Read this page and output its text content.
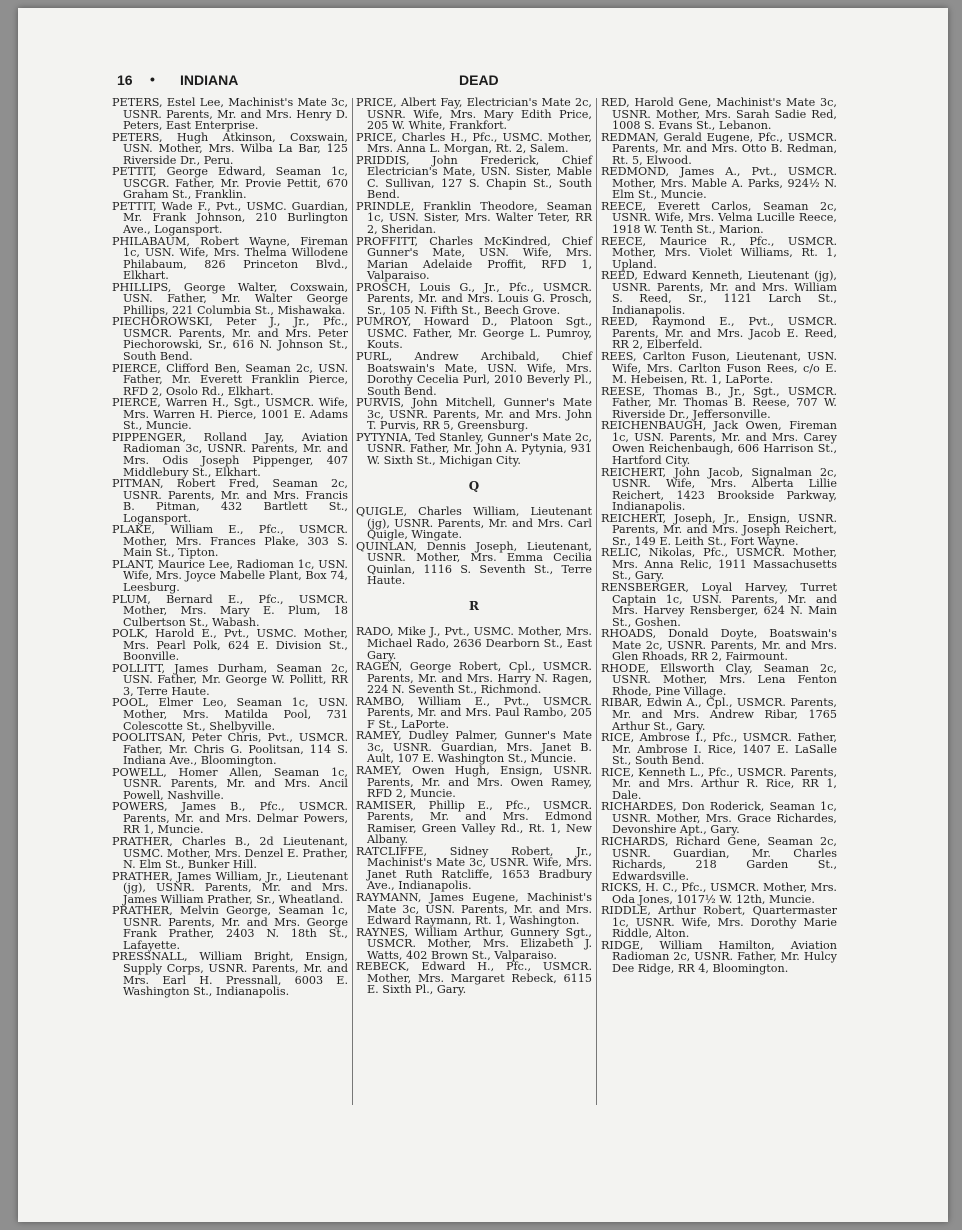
16 • INDIANA	DEAD

PETERS, Estel Lee, Machinist's Mate 3c, USNR. Parents, Mr. and Mrs. Henry D. Peters, East Enterprise.

PETERS, Hugh Atkinson, Coxswain, USN. Mother, Mrs. Wilba La Bar, 125 Riverside Dr., Peru.

PETTIT, George Edward, Seaman 1c, USCGR. Father, Mr. Provie Pettit, 670 Graham St., Franklin.

PETTIT, Wade F., Pvt., USMC. Guardian, Mr. Frank Johnson, 210 Burlington Ave., Logansport.

PHILABAUM, Robert Wayne, Fireman 1c, USN. Wife, Mrs. Thelma Willodene Philabaum, 826 Princeton Blvd., Elkhart.

PHILLIPS, George Walter, Coxswain, USN. Father, Mr. Walter George Phillips, 221 Columbia St., Mishawaka.

PIECHOROWSKI, Peter J., Jr., Pfc., USMCR. Parents, Mr. and Mrs. Peter Piechorowski, Sr., 616 N. Johnson St., South Bend.

PIERCE, Clifford Ben, Seaman 2c, USN. Father, Mr. Everett Franklin Pierce, RFD 2, Osolo Rd., Elkhart.

PIERCE, Warren H., Sgt., USMCR. Wife, Mrs. Warren H. Pierce, 1001 E. Adams St., Muncie.

PIPPENGER, Rolland Jay, Aviation Radioman 3c, USNR. Parents, Mr. and Mrs. Odis Joseph Pippenger, 407 Middlebury St., Elkhart.

PITMAN, Robert Fred, Seaman 2c, USNR. Parents, Mr. and Mrs. Francis B. Pitman, 432 Bartlett St., Logansport.

PLAKE, William E., Pfc., USMCR. Mother, Mrs. Frances Plake, 303 S. Main St., Tipton.

PLANT, Maurice Lee, Radioman 1c, USN. Wife, Mrs. Joyce Mabelle Plant, Box 74, Leesburg.

PLUM, Bernard E., Pfc., USMCR. Mother, Mrs. Mary E. Plum, 18 Culbertson St., Wabash.

POLK, Harold E., Pvt., USMC. Mother, Mrs. Pearl Polk, 624 E. Division St., Boonville.

POLLITT, James Durham, Seaman 2c, USN. Father, Mr. George W. Pollitt, RR 3, Terre Haute.

POOL, Elmer Leo, Seaman 1c, USN. Mother, Mrs. Matilda Pool, 731 Colescotte St., Shelbyville.

POOLITSAN, Peter Chris, Pvt., USMCR. Father, Mr. Chris G. Poolitsan, 114 S. Indiana Ave., Bloomington.

POWELL, Homer Allen, Seaman 1c, USNR. Parents, Mr. and Mrs. Ancil Powell, Nashville.

POWERS, James B., Pfc., USMCR. Parents, Mr. and Mrs. Delmar Powers, RR 1, Muncie.

PRATHER, Charles B., 2d Lieutenant, USMC. Mother, Mrs. Denzel E. Prather, N. Elm St., Bunker Hill.

PRATHER, James William, Jr., Lieutenant (jg), USNR. Parents, Mr. and Mrs. James William Prather, Sr., Wheatland.

PRATHER, Melvin George, Seaman 1c, USNR. Parents, Mr. and Mrs. George Frank Prather, 2403 N. 18th St., Lafayette.

PRESSNALL, William Bright, Ensign, Supply Corps, USNR. Parents, Mr. and Mrs. Earl H. Pressnall, 6003 E. Washington St., Indianapolis.

PRICE, Albert Fay, Electrician's Mate 2c, USNR. Wife, Mrs. Mary Edith Price, 205 W. White, Frankfort.

PRICE, Charles H., Pfc., USMC. Mother, Mrs. Anna L. Morgan, Rt. 2, Salem.

PRIDDIS, John Frederick, Chief Electrician's Mate, USN. Sister, Mable C. Sullivan, 127 S. Chapin St., South Bend.

PRINDLE, Franklin Theodore, Seaman 1c, USN. Sister, Mrs. Walter Teter, RR 2, Sheridan.

PROFFITT, Charles McKindred, Chief Gunner's Mate, USN. Wife, Mrs. Marian Adelaide Proffit, RFD 1, Valparaiso.

PROSCH, Louis G., Jr., Pfc., USMCR. Parents, Mr. and Mrs. Louis G. Prosch, Sr., 105 N. Fifth St., Beech Grove.

PUMROY, Howard D., Platoon Sgt., USMC. Father, Mr. George L. Pumroy, Kouts.

PURL, Andrew Archibald, Chief Boatswain's Mate, USN. Wife, Mrs. Dorothy Cecelia Purl, 2010 Beverly Pl., South Bend.

PURVIS, John Mitchell, Gunner's Mate 3c, USNR. Parents, Mr. and Mrs. John T. Purvis, RR 5, Greensburg.

PYTYNIA, Ted Stanley, Gunner's Mate 2c, USNR. Father, Mr. John A. Pytynia, 931 W. Sixth St., Michigan City.

Q

QUIGLE, Charles William, Lieutenant (jg), USNR. Parents, Mr. and Mrs. Carl Quigle, Wingate.

QUINLAN, Dennis Joseph, Lieutenant, USNR. Mother, Mrs. Emma Cecilia Quinlan, 1116 S. Seventh St., Terre Haute.

R

RADO, Mike J., Pvt., USMC. Mother, Mrs. Michael Rado, 2636 Dearborn St., East Gary.

RAGEN, George Robert, Cpl., USMCR. Parents, Mr. and Mrs. Harry N. Ragen, 224 N. Seventh St., Richmond.

RAMBO, William E., Pvt., USMCR. Parents, Mr. and Mrs. Paul Rambo, 205 F St., LaPorte.

RAMEY, Dudley Palmer, Gunner's Mate 3c, USNR. Guardian, Mrs. Janet B. Ault, 107 E. Washington St., Muncie.

RAMEY, Owen Hugh, Ensign, USNR. Parents, Mr. and Mrs. Owen Ramey, RFD 2, Muncie.

RAMISER, Phillip E., Pfc., USMCR. Parents, Mr. and Mrs. Edmond Ramiser, Green Valley Rd., Rt. 1, New Albany.

RATCLIFFE, Sidney Robert, Jr., Machinist's Mate 3c, USNR. Wife, Mrs. Janet Ruth Ratcliffe, 1653 Bradbury Ave., Indianapolis.

RAYMANN, James Eugene, Machinist's Mate 3c, USN. Parents, Mr. and Mrs. Edward Raymann, Rt. 1, Washington.

RAYNES, William Arthur, Gunnery Sgt., USMCR. Mother, Mrs. Elizabeth J. Watts, 402 Brown St., Valparaiso.

REBECK, Edward H., Pfc., USMCR. Mother, Mrs. Margaret Rebeck, 6115 E. Sixth Pl., Gary.

RED, Harold Gene, Machinist's Mate 3c, USNR. Mother, Mrs. Sarah Sadie Red, 1008 S. Evans St., Lebanon.

REDMAN, Gerald Eugene, Pfc., USMCR. Parents, Mr. and Mrs. Otto B. Redman, Rt. 5, Elwood.

REDMOND, James A., Pvt., USMCR. Mother, Mrs. Mable A. Parks, 924½ N. Elm St., Muncie.

REECE, Everett Carlos, Seaman 2c, USNR. Wife, Mrs. Velma Lucille Reece, 1918 W. Tenth St., Marion.

REECE, Maurice R., Pfc., USMCR. Mother, Mrs. Violet Williams, Rt. 1, Upland.

REED, Edward Kenneth, Lieutenant (jg), USNR. Parents, Mr. and Mrs. William S. Reed, Sr., 1121 Larch St., Indianapolis.

REED, Raymond E., Pvt., USMCR. Parents, Mr. and Mrs. Jacob E. Reed, RR 2, Elberfeld.

REES, Carlton Fuson, Lieutenant, USN. Wife, Mrs. Carlton Fuson Rees, c/o E. M. Hebeisen, Rt. 1, LaPorte.

REESE, Thomas B., Jr., Sgt., USMCR. Father, Mr. Thomas B. Reese, 707 W. Riverside Dr., Jeffersonville.

REICHENBAUGH, Jack Owen, Fireman 1c, USN. Parents, Mr. and Mrs. Carey Owen Reichenbaugh, 606 Harrison St., Hartford City.

REICHERT, John Jacob, Signalman 2c, USNR. Wife, Mrs. Alberta Lillie Reichert, 1423 Brookside Parkway, Indianapolis.

REICHERT, Joseph, Jr., Ensign, USNR. Parents, Mr. and Mrs. Joseph Reichert, Sr., 149 E. Leith St., Fort Wayne.

RELIC, Nikolas, Pfc., USMCR. Mother, Mrs. Anna Relic, 1911 Massachusetts St., Gary.

RENSBERGER, Loyal Harvey, Turret Captain 1c, USN. Parents, Mr. and Mrs. Harvey Rensberger, 624 N. Main St., Goshen.

RHOADS, Donald Doyte, Boatswain's Mate 2c, USNR. Parents, Mr. and Mrs. Glen Rhoads, RR 2, Fairmount.

RHODE, Ellsworth Clay, Seaman 2c, USNR. Mother, Mrs. Lena Fenton Rhode, Pine Village.

RIBAR, Edwin A., Cpl., USMCR. Parents, Mr. and Mrs. Andrew Ribar, 1765 Arthur St., Gary.

RICE, Ambrose I., Pfc., USMCR. Father, Mr. Ambrose I. Rice, 1407 E. LaSalle St., South Bend.

RICE, Kenneth L., Pfc., USMCR. Parents, Mr. and Mrs. Arthur R. Rice, RR 1, Dale.

RICHARDES, Don Roderick, Seaman 1c, USNR. Mother, Mrs. Grace Richardes, Devonshire Apt., Gary.

RICHARDS, Richard Gene, Seaman 2c, USNR. Guardian, Mr. Charles Richards, 218 Garden St., Edwardsville.

RICKS, H. C., Pfc., USMCR. Mother, Mrs. Oda Jones, 1017½ W. 12th, Muncie.

RIDDLE, Arthur Robert, Quartermaster 1c, USNR. Wife, Mrs. Dorothy Marie Riddle, Alton.

RIDGE, William Hamilton, Aviation Radioman 2c, USNR. Father, Mr. Hulcy Dee Ridge, RR 4, Bloomington.
